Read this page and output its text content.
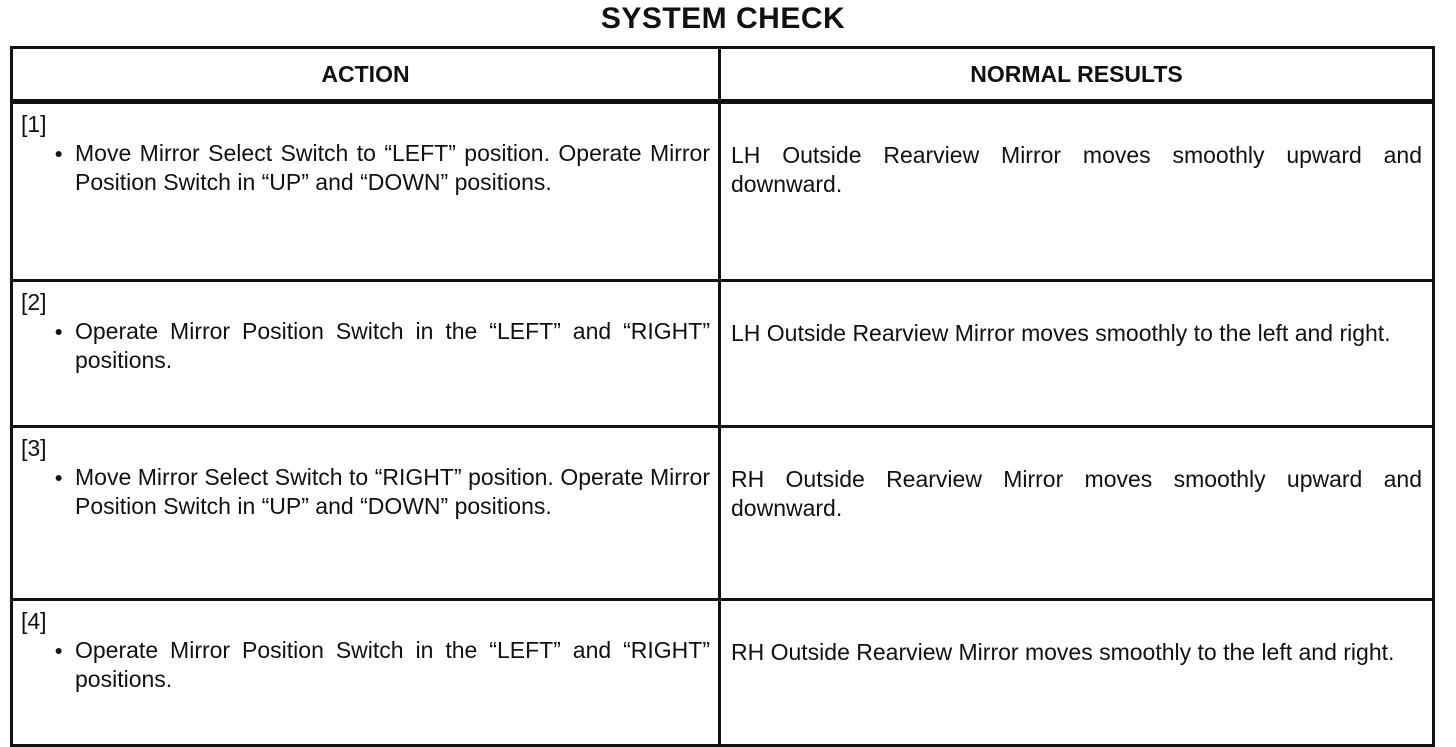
SYSTEM CHECK
ACTION	NORMAL RESULTS

[1]
● Move Mirror Select Switch to “LEFT” position. Operate Mirror Position Switch in “UP” and “DOWN” positions.	LH Outside Rearview Mirror moves smoothly upward and downward.

[2]
● Operate Mirror Position Switch in the “LEFT” and “RIGHT” positions.	LH Outside Rearview Mirror moves smoothly to the left and right.

[3]
● Move Mirror Select Switch to “RIGHT” position. Operate Mirror Position Switch in “UP” and “DOWN” positions.	RH Outside Rearview Mirror moves smoothly upward and downward.

[4]
● Operate Mirror Position Switch in the “LEFT” and “RIGHT” positions.	RH Outside Rearview Mirror moves smoothly to the left and right.
